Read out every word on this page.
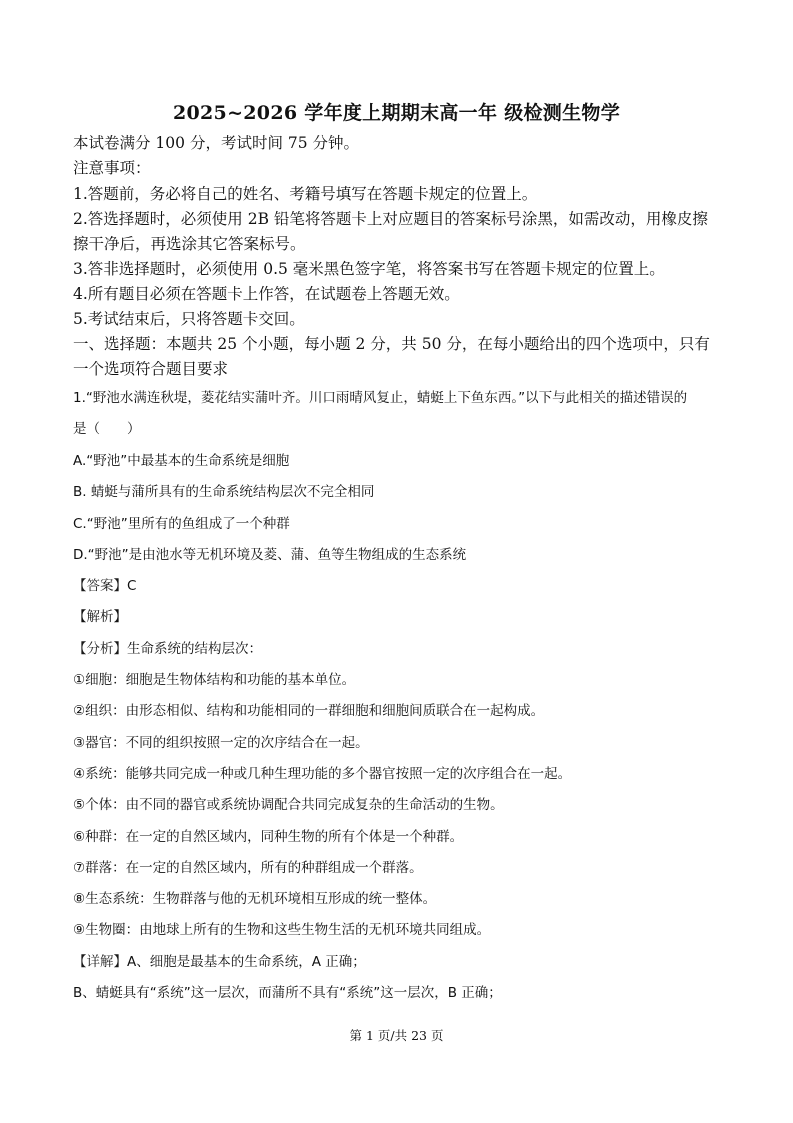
2025~2026 学年度上期期末高一年 级检测生物学
本试卷满分 100 分，考试时间 75 分钟。
注意事项：
1.答题前，务必将自己的姓名、考籍号填写在答题卡规定的位置上。
2.答选择题时，必须使用 2B 铅笔将答题卡上对应题目的答案标号涂黑，如需改动，用橡皮擦
擦干净后，再选涂其它答案标号。
3.答非选择题时，必须使用 0.5 毫米黑色签字笔，将答案书写在答题卡规定的位置上。
4.所有题目必须在答题卡上作答，在试题卷上答题无效。
5.考试结束后，只将答题卡交回。
一、选择题：本题共 25 个小题，每小题 2 分，共 50 分，在每小题给出的四个选项中，只有
一个选项符合题目要求
1.“野池水满连秋堤，菱花结实蒲叶齐。川口雨晴风复止，蜻蜓上下鱼东西。”以下与此相关的描述错误的
是（　　）
A.“野池”中最基本的生命系统是细胞
B. 蜻蜓与蒲所具有的生命系统结构层次不完全相同
C.“野池”里所有的鱼组成了一个种群
D.“野池”是由池水等无机环境及菱、蒲、鱼等生物组成的生态系统
【答案】C
【解析】
【分析】生命系统的结构层次：
①细胞：细胞是生物体结构和功能的基本单位。
②组织：由形态相似、结构和功能相同的一群细胞和细胞间质联合在一起构成。
③器官：不同的组织按照一定的次序结合在一起。
④系统：能够共同完成一种或几种生理功能的多个器官按照一定的次序组合在一起。
⑤个体：由不同的器官或系统协调配合共同完成复杂的生命活动的生物。
⑥种群：在一定的自然区域内，同种生物的所有个体是一个种群。
⑦群落：在一定的自然区域内，所有的种群组成一个群落。
⑧生态系统：生物群落与他的无机环境相互形成的统一整体。
⑨生物圈：由地球上所有的生物和这些生物生活的无机环境共同组成。
【详解】A、细胞是最基本的生命系统，A 正确；
B、蜻蜓具有“系统”这一层次，而蒲所不具有“系统”这一层次，B 正确；
第 1 页/共 23 页
